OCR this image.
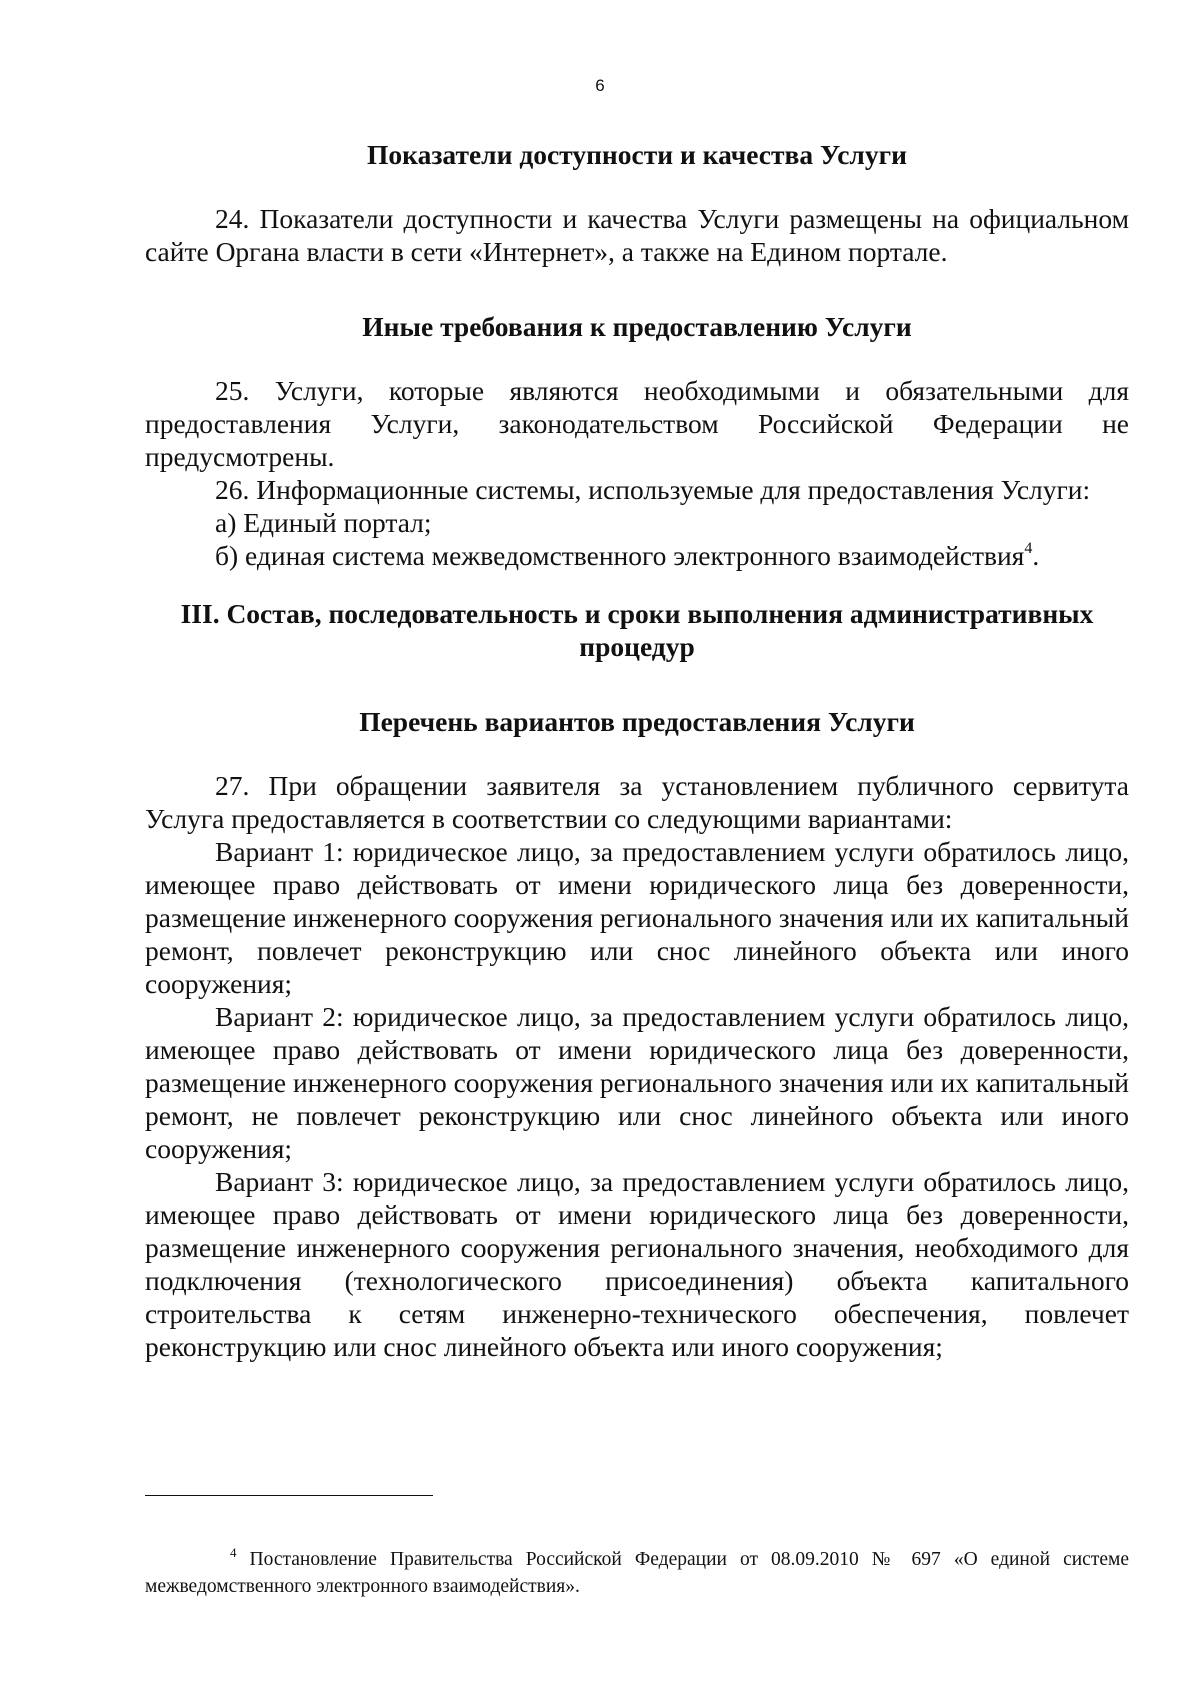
6

Показатели доступности и качества Услуги

24. Показатели доступности и качества Услуги размещены на официальном сайте Органа власти в сети «Интернет», а также на Едином портале.

Иные требования к предоставлению Услуги

25. Услуги, которые являются необходимыми и обязательными для предоставления Услуги, законодательством Российской Федерации не предусмотрены.

26. Информационные системы, используемые для предоставления Услуги:

а) Единый портал;

б) единая система межведомственного электронного взаимодействия$^4$.

III. Состав, последовательность и сроки выполнения административных
процедур

Перечень вариантов предоставления Услуги

27. При обращении заявителя за установлением публичного сервитута Услуга предоставляется в соответствии со следующими вариантами:

Вариант 1: юридическое лицо, за предоставлением услуги обратилось лицо, имеющее право действовать от имени юридического лица без доверенности, размещение инженерного сооружения регионального значения или их капитальный ремонт, повлечет реконструкцию или снос линейного объекта или иного сооружения;

Вариант 2: юридическое лицо, за предоставлением услуги обратилось лицо, имеющее право действовать от имени юридического лица без доверенности, размещение инженерного сооружения регионального значения или их капитальный ремонт, не повлечет реконструкцию или снос линейного объекта или иного сооружения;

Вариант 3: юридическое лицо, за предоставлением услуги обратилось лицо, имеющее право действовать от имени юридического лица без доверенности, размещение инженерного сооружения регионального значения, необходимого для подключения (технологического присоединения) объекта капитального строительства к сетям инженерно-технического обеспечения, повлечет реконструкцию или снос линейного объекта или иного сооружения;

$^4$ Постановление Правительства Российской Федерации от 08.09.2010 № 697 «О единой системе межведомственного электронного взаимодействия».
